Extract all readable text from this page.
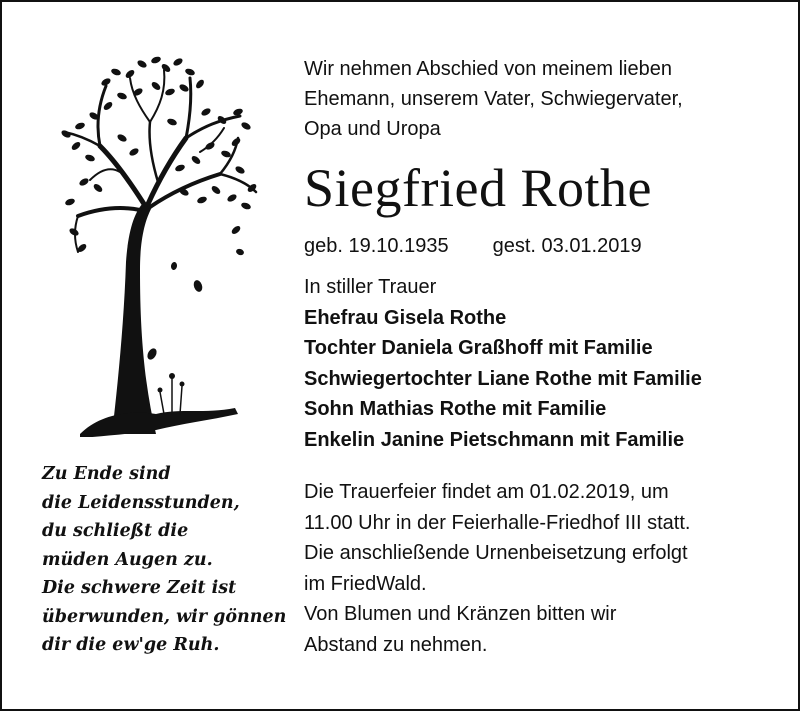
Zu Ende sind
die Leidensstunden,
du schließt die
müden Augen zu.
Die schwere Zeit ist
überwunden, wir gönnen
dir die ew'ge Ruh.
Wir nehmen Abschied von meinem lieben
Ehemann, unserem Vater, Schwiegervater,
Opa und Uropa
Siegfried Rothe
geb. 19.10.1935 gest. 03.01.2019
In stiller Trauer
Ehefrau Gisela Rothe
Tochter Daniela Graßhoff mit Familie
Schwiegertochter Liane Rothe mit Familie
Sohn Mathias Rothe mit Familie
Enkelin Janine Pietschmann mit Familie
Die Trauerfeier findet am 01.02.2019, um
11.00 Uhr in der Feierhalle-Friedhof III statt.
Die anschließende Urnenbeisetzung erfolgt
im FriedWald.
Von Blumen und Kränzen bitten wir
Abstand zu nehmen.
